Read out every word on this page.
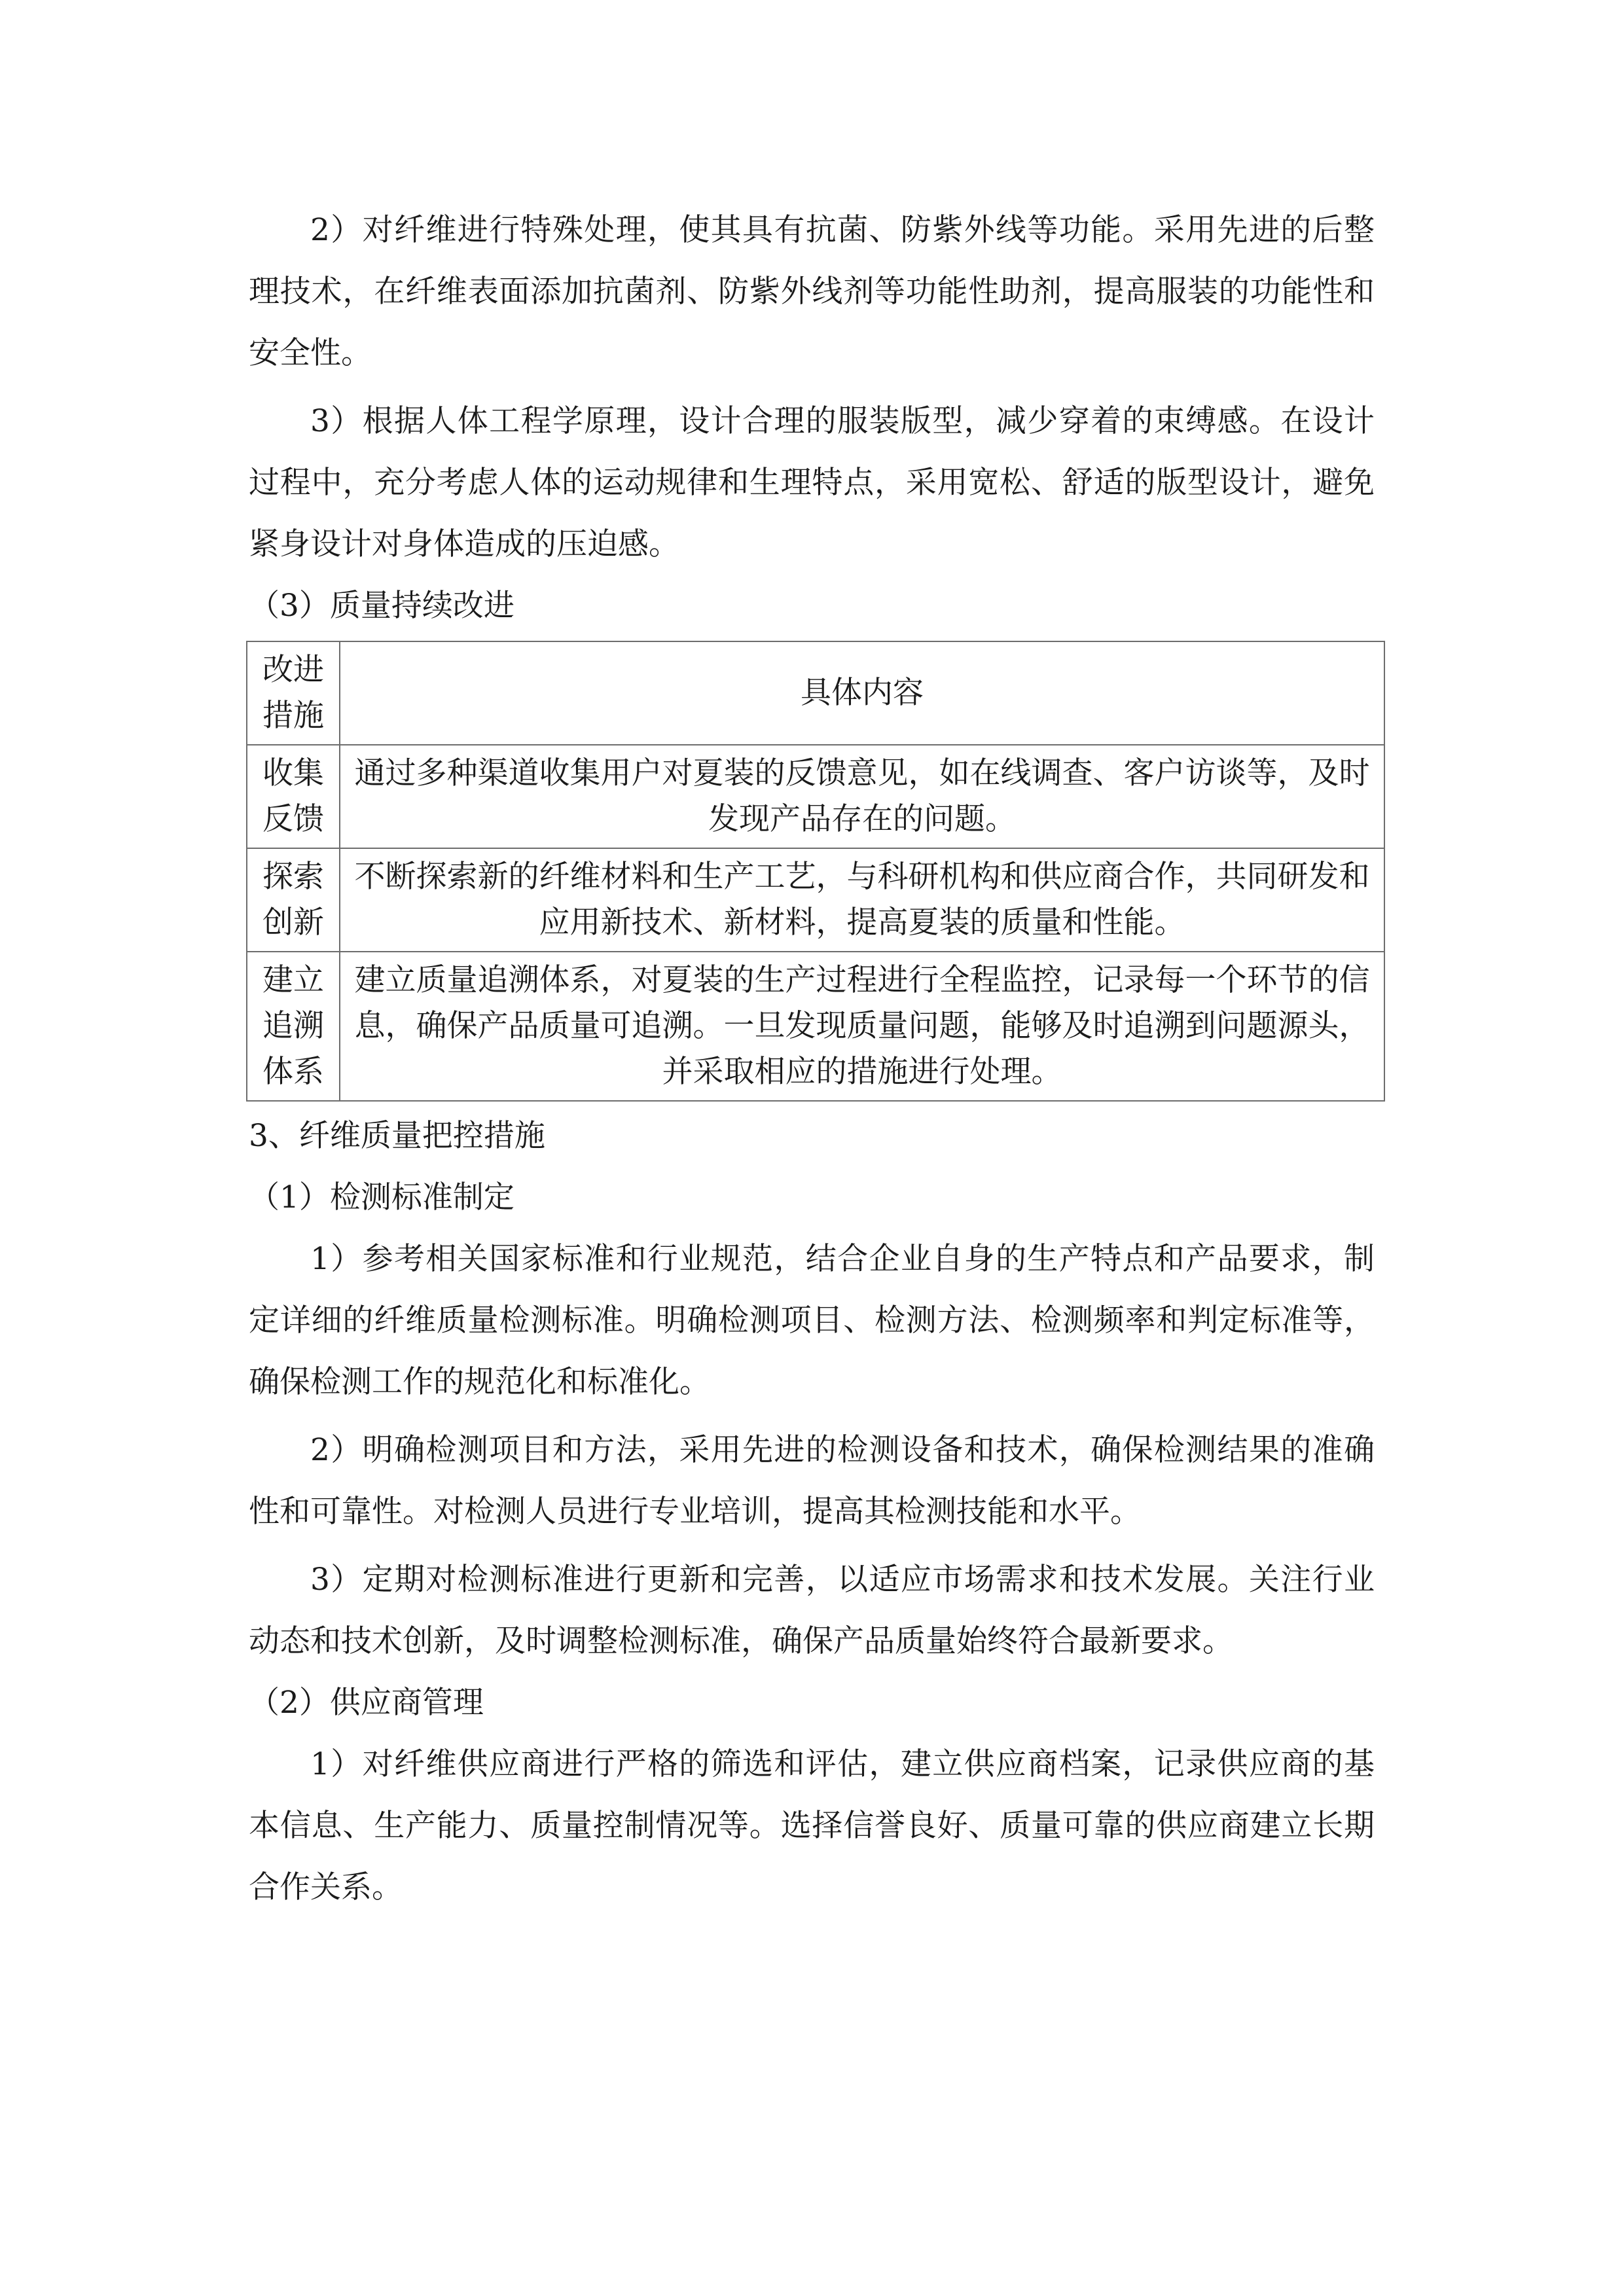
2）对纤维进行特殊处理，使其具有抗菌、防紫外线等功能。采用先进的后整理技术，在纤维表面添加抗菌剂、防紫外线剂等功能性助剂，提高服装的功能性和安全性。

3）根据人体工程学原理，设计合理的服装版型，减少穿着的束缚感。在设计过程中，充分考虑人体的运动规律和生理特点，采用宽松、舒适的版型设计，避免紧身设计对身体造成的压迫感。

（3）质量持续改进
改进措施	具体内容
收集反馈	通过多种渠道收集用户对夏装的反馈意见，如在线调查、客户访谈等，及时发现产品存在的问题。
探索创新	不断探索新的纤维材料和生产工艺，与科研机构和供应商合作，共同研发和应用新技术、新材料，提高夏装的质量和性能。
建立追溯体系	建立质量追溯体系，对夏装的生产过程进行全程监控，记录每一个环节的信息，确保产品质量可追溯。一旦发现质量问题，能够及时追溯到问题源头，并采取相应的措施进行处理。
3、纤维质量把控措施
（1）检测标准制定

1）参考相关国家标准和行业规范，结合企业自身的生产特点和产品要求，制定详细的纤维质量检测标准。明确检测项目、检测方法、检测频率和判定标准等，确保检测工作的规范化和标准化。

2）明确检测项目和方法，采用先进的检测设备和技术，确保检测结果的准确性和可靠性。对检测人员进行专业培训，提高其检测技能和水平。

3）定期对检测标准进行更新和完善，以适应市场需求和技术发展。关注行业动态和技术创新，及时调整检测标准，确保产品质量始终符合最新要求。

（2）供应商管理

1）对纤维供应商进行严格的筛选和评估，建立供应商档案，记录供应商的基本信息、生产能力、质量控制情况等。选择信誉良好、质量可靠的供应商建立长期合作关系。
